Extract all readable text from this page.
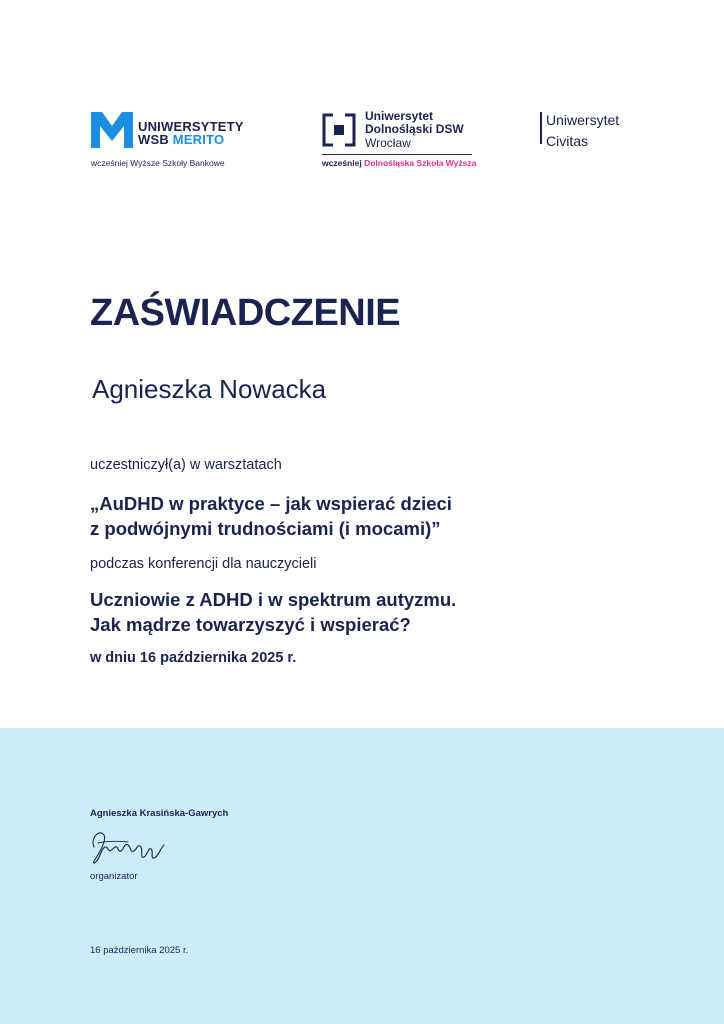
UNIWERSYTETY
WSB MERITO
wcześniej Wyższe Szkoły Bankowe
Uniwersytet
Dolnośląski DSW
Wrocław
wcześniej Dolnośląska Szkoła Wyższa
Uniwersytet
Civitas
ZAŚWIADCZENIE
Agnieszka Nowacka
uczestniczył(a) w warsztatach
„AuDHD w praktyce – jak wspierać dzieci
z podwójnymi trudnościami (i mocami)”
podczas konferencji dla nauczycieli
Uczniowie z ADHD i w spektrum autyzmu.
Jak mądrze towarzyszyć i wspierać?
w dniu 16 października 2025 r.
Agnieszka Krasińska-Gawrych
organizator
16 października 2025 r.
